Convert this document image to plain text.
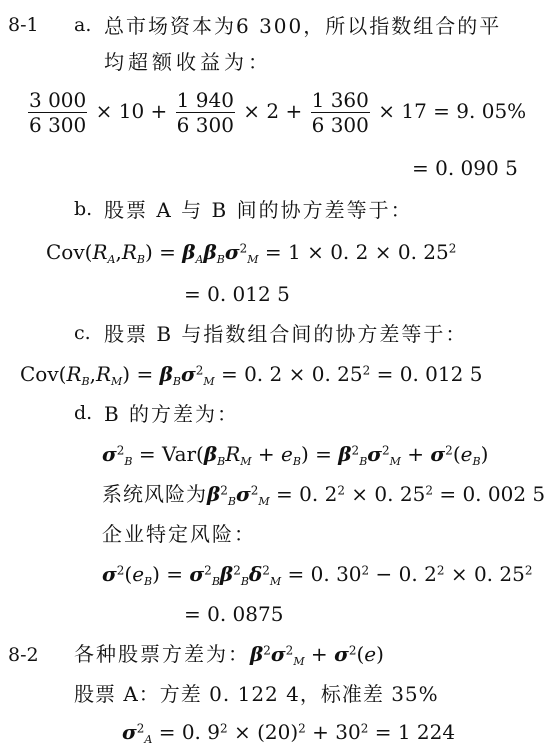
8-1 a. 总市场资本为6 300，所以指数组合的平
均超额收益为：
$\frac{3 000}{6 300} \times 10 + \frac{1 940}{6 300} \times 2 + \frac{1 360}{6 300} \times 17 = 9$. 05%
= 0. 090 5
b. 股票 A 与 B 间的协方差等于：
$Cov(R_A,R_B) = \beta_A\beta_B\sigma^2_M = 1 \times 0$. 2 × 0. $25^2$
= 0. 012 5
c. 股票 B 与指数组合间的协方差等于：
$Cov(R_B,R_M) = \beta_B\sigma^2_M = 0$. 2 × 0. $25^2 = 0$. 012 5
d. B 的方差为：
$\sigma^2_B = Var(\beta_BR_M + e_B) = \beta^2_B\sigma^2_M + \sigma^2(e_B)$
系统风险为$\beta^2_B\sigma^2_M = 0$. $2^2 \times 0$. $25^2 = 0$. 002 5
企业特定风险：
$\sigma^2(e_B) = \sigma^2_B\beta^2_B\delta^2_M = 0$. $30^2 - 0$. $2^2 \times 0$. $25^2$
= 0. 0875
8-2 各种股票方差为：$\beta^2\sigma^2_M + \sigma^2(e)$
股票 A：方差 0. 122 4，标准差 35%
$\sigma^2_A = 0$. $9^2 \times (20)^2 + 30^2 = 1$ 224
